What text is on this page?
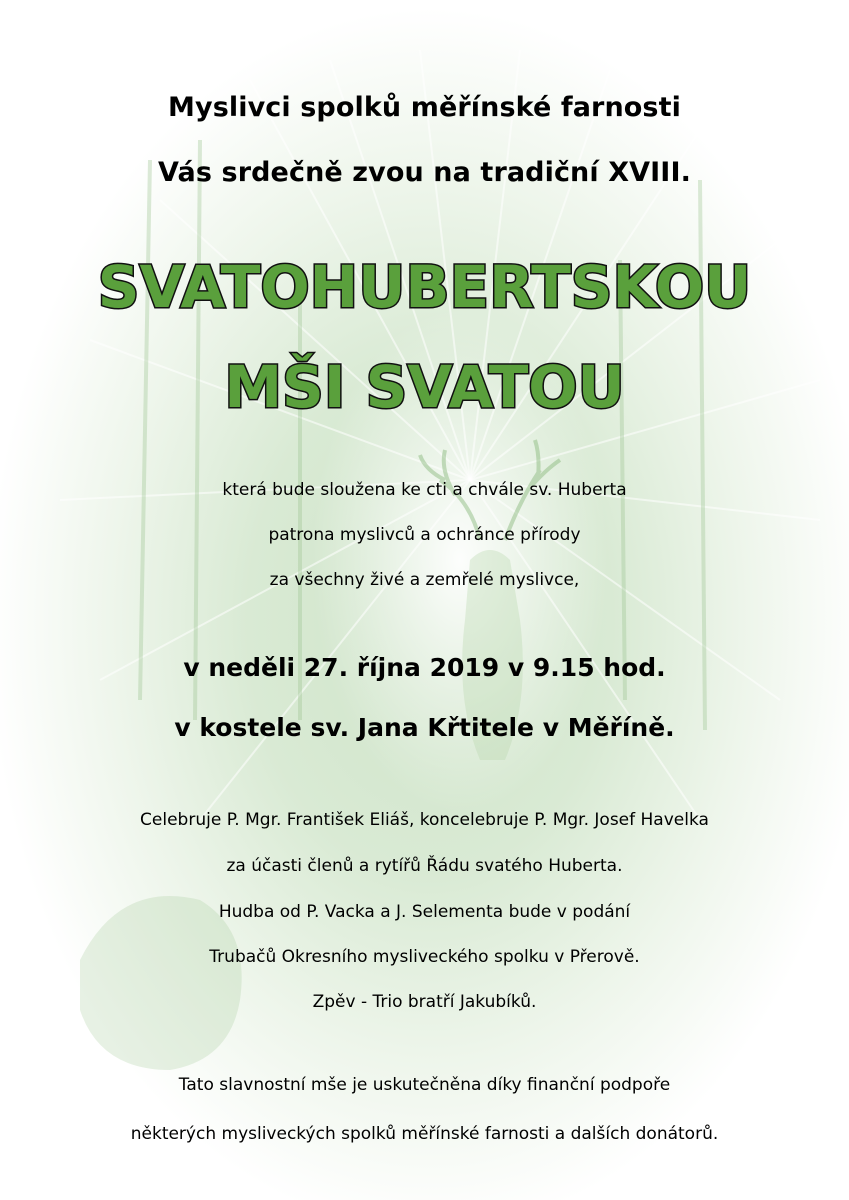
Myslivci spolků měřínské farnosti
Vás srdečně zvou na tradiční XVIII.
SVATOHUBERTSKOU
MŠI SVATOU
která bude sloužena ke cti a chvále sv. Huberta
patrona myslivců a ochránce přírody
za všechny živé a zemřelé myslivce,
v neděli 27. října 2019 v 9.15 hod.
v kostele sv. Jana Křtitele v Měříně.
Celebruje P. Mgr. František Eliáš, koncelebruje P. Mgr. Josef Havelka
za účasti členů a rytířů Řádu svatého Huberta.
Hudba od P. Vacka a J. Selementa bude v podání
Trubačů Okresního mysliveckého spolku v Přerově.
Zpěv - Trio bratří Jakubíků.
Tato slavnostní mše je uskutečněna díky finanční podpoře
některých mysliveckých spolků měřínské farnosti a dalších donátorů.
